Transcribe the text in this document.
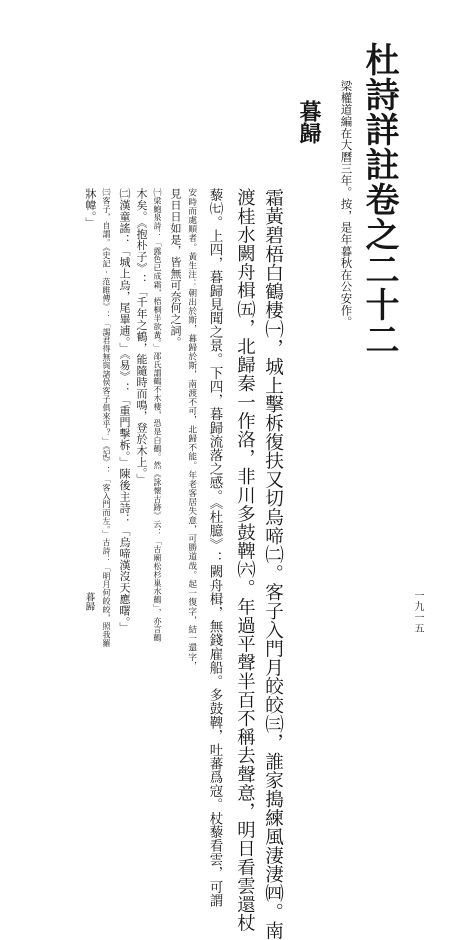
杜詩詳註卷之二十二
梁權道編在大曆三年。按，是年暮秋在公安作。
暮歸
霜黃碧梧白鶴棲㈠，城上擊柝復扶又切烏啼㈡。客子入門月皎皎㈢，誰家搗練風淒淒㈣。南
渡桂水闕舟楫㈤，北歸秦一作洛，非川多鼓鞞㈥。年過平聲半百不稱去聲意，明日看雲還杖
藜㈦。上四，暮歸見聞之景。下四，暮歸流落之感。《杜臆》：闕舟楫，無錢雇船。多鼓鞞，吐蕃爲寇。杖藜看雲，可謂
安時而處順者。黃生注：朝出於斯，暮歸於斯，南渡不可，北歸不能。年老客居失意，可勝道哉。起一復字，結一還字，
見日日如是，皆無可奈何之詞。
㈠梁鮑泉詩：「露色已成霜，梧桐半欲黃。」邵氏謂鶴不木棲，恐是白鶴。然《詠懷古跡》云：「古廟松杉巢水鶴」，亦言鶴
木矣。《抱朴子》：「千年之鶴，能隨時而鳴，登於木上。」
㈡漢童謠：「城上烏，尾畢逋。」《易》：「重門擊柝。」陳後主詩：「烏啼漢沒天應曙。」
㈢客子，自謂。《史記·范睢傳》：「謁君得無與諸侯客子俱來乎？」《記》：「客入門而左。」古詩：「明月何皎皎，照我羅
牀幃。」
暮歸	一九一五
